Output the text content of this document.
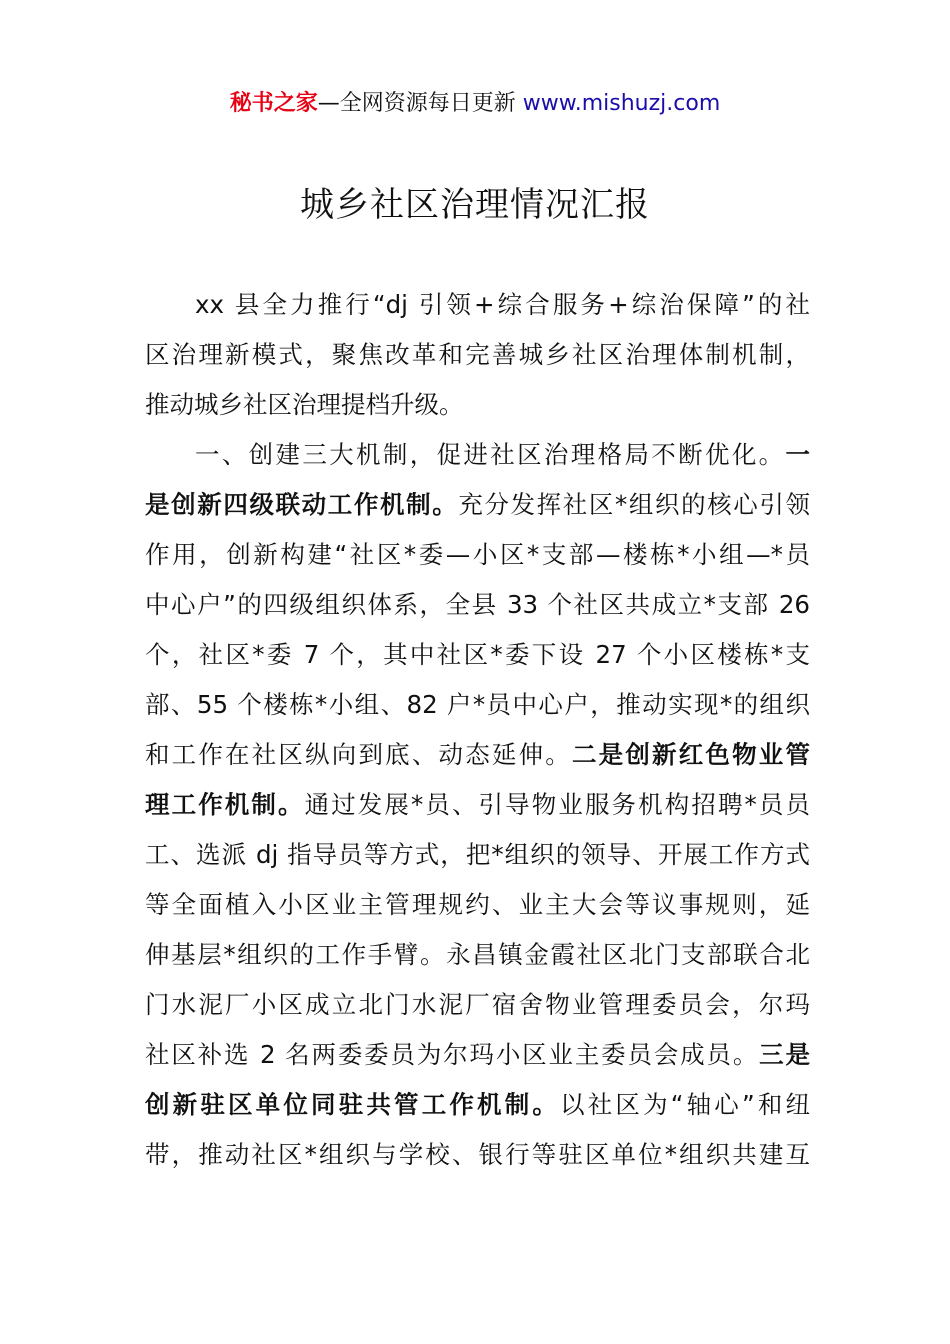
秘书之家—全网资源每日更新 www.mishuzj.com
城乡社区治理情况汇报
xx 县全力推行“dj 引领+综合服务+综治保障”的社
区治理新模式，聚焦改革和完善城乡社区治理体制机制，
推动城乡社区治理提档升级。
一、创建三大机制，促进社区治理格局不断优化。一
是创新四级联动工作机制。充分发挥社区*组织的核心引领
作用，创新构建“社区*委—小区*支部—楼栋*小组—*员
中心户”的四级组织体系，全县 33 个社区共成立*支部 26
个，社区*委 7 个，其中社区*委下设 27 个小区楼栋*支
部、55 个楼栋*小组、82 户*员中心户，推动实现*的组织
和工作在社区纵向到底、动态延伸。二是创新红色物业管
理工作机制。通过发展*员、引导物业服务机构招聘*员员
工、选派 dj 指导员等方式，把*组织的领导、开展工作方式
等全面植入小区业主管理规约、业主大会等议事规则，延
伸基层*组织的工作手臂。永昌镇金霞社区北门支部联合北
门水泥厂小区成立北门水泥厂宿舍物业管理委员会，尔玛
社区补选 2 名两委委员为尔玛小区业主委员会成员。三是
创新驻区单位同驻共管工作机制。以社区为“轴心”和纽
带，推动社区*组织与学校、银行等驻区单位*组织共建互
